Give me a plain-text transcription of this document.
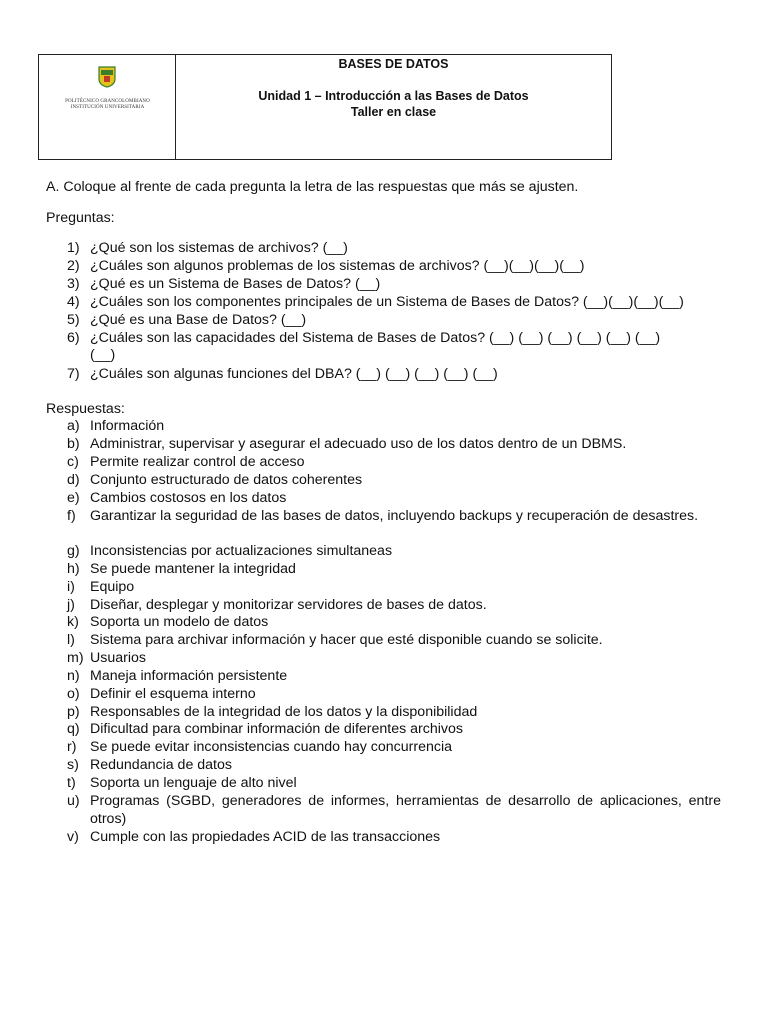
POLITÉCNICO GRANCOLOMBIANO
INSTITUCIÓN UNIVERSITARIA
BASES DE DATOS
Unidad 1 – Introducción a las Bases de Datos
Taller en clase
A. Coloque al frente de cada pregunta la letra de las respuestas que más se ajusten.
Preguntas:
1) ¿Qué son los sistemas de archivos? (__)
2) ¿Cuáles son algunos problemas de los sistemas de archivos? (__)(__)(__)(__)
3) ¿Qué es un Sistema de Bases de Datos? (__)
4) ¿Cuáles son los componentes principales de un Sistema de Bases de Datos? (__)(__)(__)(__)
5) ¿Qué es una Base de Datos? (__)
6) ¿Cuáles son las capacidades del Sistema de Bases de Datos? (__) (__) (__) (__) (__) (__)
(__)
7) ¿Cuáles son algunas funciones del DBA? (__) (__) (__) (__) (__)
Respuestas:
a) Información
b) Administrar, supervisar y asegurar el adecuado uso de los datos dentro de un DBMS.
c) Permite realizar control de acceso
d) Conjunto estructurado de datos coherentes
e) Cambios costosos en los datos
f) Garantizar la seguridad de las bases de datos, incluyendo backups y recuperación de desastres.
g) Inconsistencias por actualizaciones simultaneas
h) Se puede mantener la integridad
i) Equipo
j) Diseñar, desplegar y monitorizar servidores de bases de datos.
k) Soporta un modelo de datos
l) Sistema para archivar información y hacer que esté disponible cuando se solicite.
m) Usuarios
n) Maneja información persistente
o) Definir el esquema interno
p) Responsables de la integridad de los datos y la disponibilidad
q) Dificultad para combinar información de diferentes archivos
r) Se puede evitar inconsistencias cuando hay concurrencia
s) Redundancia de datos
t) Soporta un lenguaje de alto nivel
u) Programas (SGBD, generadores de informes, herramientas de desarrollo de aplicaciones, entre otros)
v) Cumple con las propiedades ACID de las transacciones
